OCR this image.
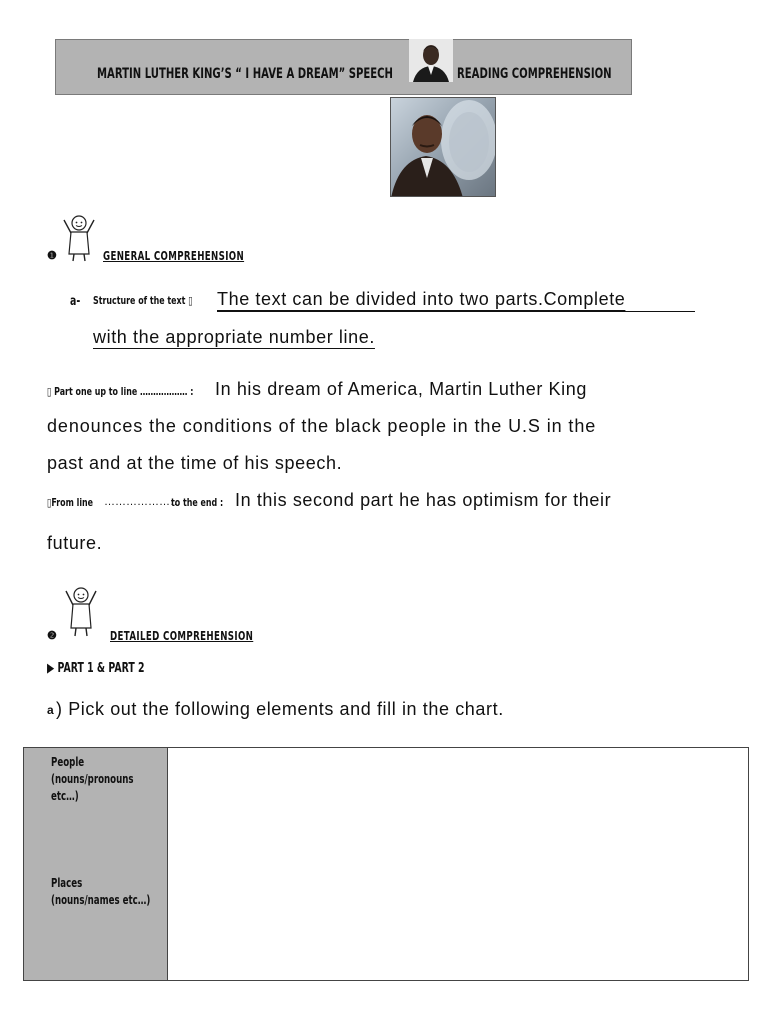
MARTIN LUTHER KING’S “ I HAVE A DREAM” SPEECH	READING COMPREHENSION
❶	GENERAL COMPREHENSION
a- Structure of the text ▯ The text can be divided into two parts.Complete
with the appropriate number line.
▯ Part one up to line ……………… : In his dream of America, Martin Luther King
denounces the conditions of the black people in the U.S in the
past and at the time of his speech.
▯From line …………………
to the end : In this second part he has optimism for their
future.
❷	DETAILED COMPREHENSION
▶ PART 1 & PART 2
a ) Pick out the following elements and fill in the chart.
People
(nouns/pronouns
etc…)
Places
(nouns/names etc…)
